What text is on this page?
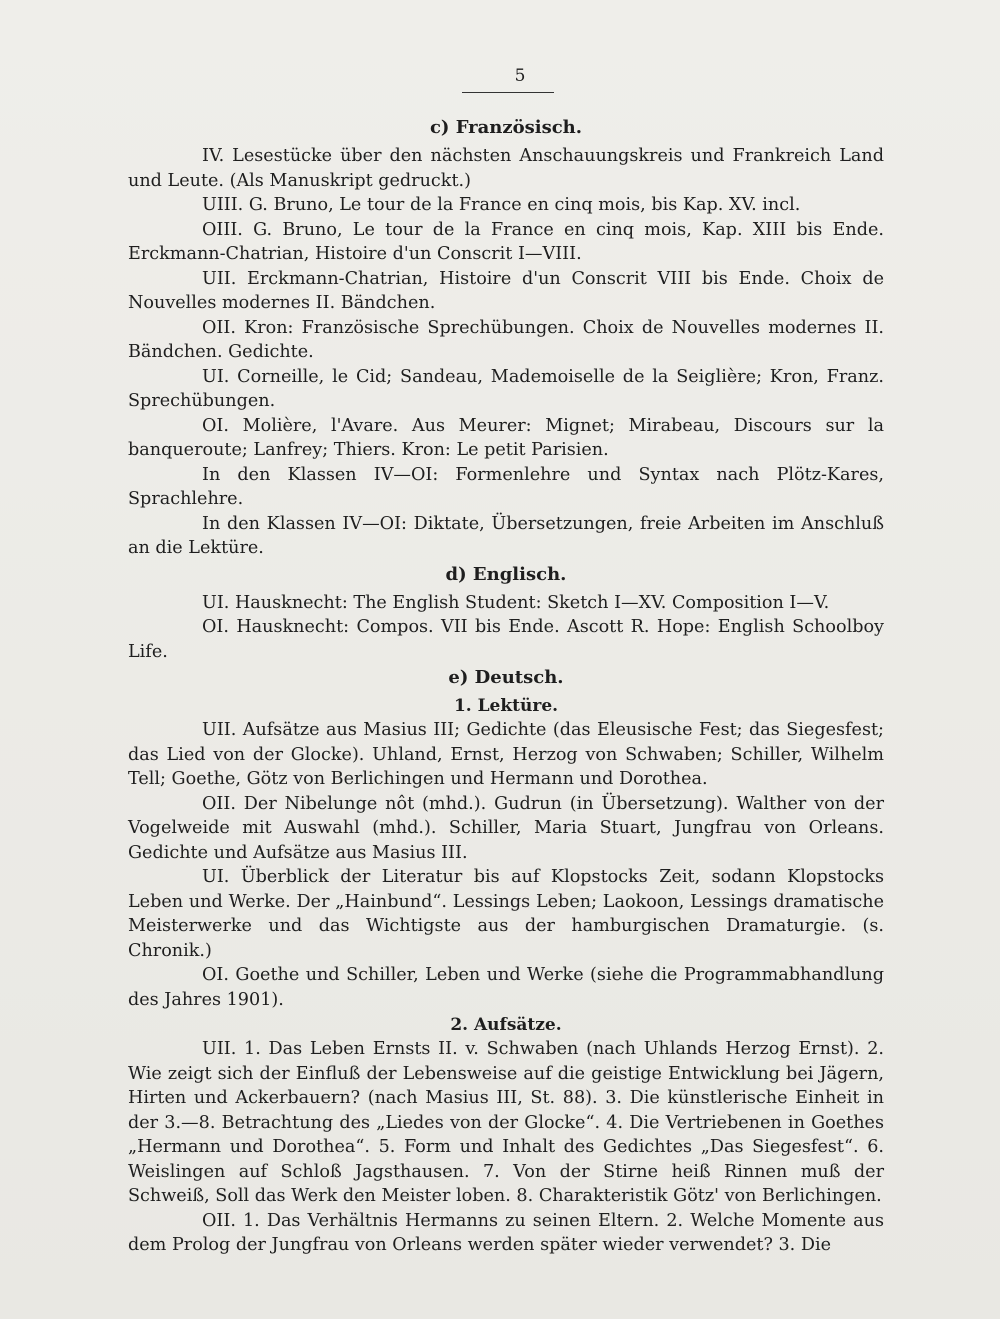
5
c) Französisch.

IV. Lesestücke über den nächsten Anschauungskreis und Frankreich Land und Leute. (Als Manuskript gedruckt.)

UIII. G. Bruno, Le tour de la France en cinq mois, bis Kap. XV. incl.

OIII. G. Bruno, Le tour de la France en cinq mois, Kap. XIII bis Ende. Erckmann-Chatrian, Histoire d'un Conscrit I—VIII.

UII. Erckmann-Chatrian, Histoire d'un Conscrit VIII bis Ende. Choix de Nouvelles modernes II. Bändchen.

OII. Kron: Französische Sprechübungen. Choix de Nouvelles modernes II. Bändchen. Gedichte.

UI. Corneille, le Cid; Sandeau, Mademoiselle de la Seiglière; Kron, Franz. Sprechübungen.

OI. Molière, l'Avare. Aus Meurer: Mignet; Mirabeau, Discours sur la banqueroute; Lanfrey; Thiers. Kron: Le petit Parisien.

In den Klassen IV—OI: Formenlehre und Syntax nach Plötz-Kares, Sprachlehre.

In den Klassen IV—OI: Diktate, Übersetzungen, freie Arbeiten im Anschluß an die Lektüre.

d) Englisch.

UI. Hausknecht: The English Student: Sketch I—XV. Composition I—V.

OI. Hausknecht: Compos. VII bis Ende. Ascott R. Hope: English Schoolboy Life.

e) Deutsch.
1. Lektüre.

UII. Aufsätze aus Masius III; Gedichte (das Eleusische Fest; das Siegesfest; das Lied von der Glocke). Uhland, Ernst, Herzog von Schwaben; Schiller, Wilhelm Tell; Goethe, Götz von Berlichingen und Hermann und Dorothea.

OII. Der Nibelunge nôt (mhd.). Gudrun (in Übersetzung). Walther von der Vogelweide mit Auswahl (mhd.). Schiller, Maria Stuart, Jungfrau von Orleans. Gedichte und Aufsätze aus Masius III.

UI. Überblick der Literatur bis auf Klopstocks Zeit, sodann Klopstocks Leben und Werke. Der „Hainbund“. Lessings Leben; Laokoon, Lessings dramatische Meisterwerke und das Wichtigste aus der hamburgischen Dramaturgie. (s. Chronik.)

OI. Goethe und Schiller, Leben und Werke (siehe die Programmabhandlung des Jahres 1901).

2. Aufsätze.

UII. 1. Das Leben Ernsts II. v. Schwaben (nach Uhlands Herzog Ernst). 2. Wie zeigt sich der Einfluß der Lebensweise auf die geistige Entwicklung bei Jägern, Hirten und Ackerbauern? (nach Masius III, St. 88). 3. Die künstlerische Einheit in der 3.—8. Betrachtung des „Liedes von der Glocke“. 4. Die Vertriebenen in Goethes „Hermann und Dorothea“. 5. Form und Inhalt des Gedichtes „Das Siegesfest“. 6. Weislingen auf Schloß Jagsthausen. 7. Von der Stirne heiß Rinnen muß der Schweiß, Soll das Werk den Meister loben. 8. Charakteristik Götz' von Berlichingen.

OII. 1. Das Verhältnis Hermanns zu seinen Eltern. 2. Welche Momente aus dem Prolog der Jungfrau von Orleans werden später wieder verwendet? 3. Die
